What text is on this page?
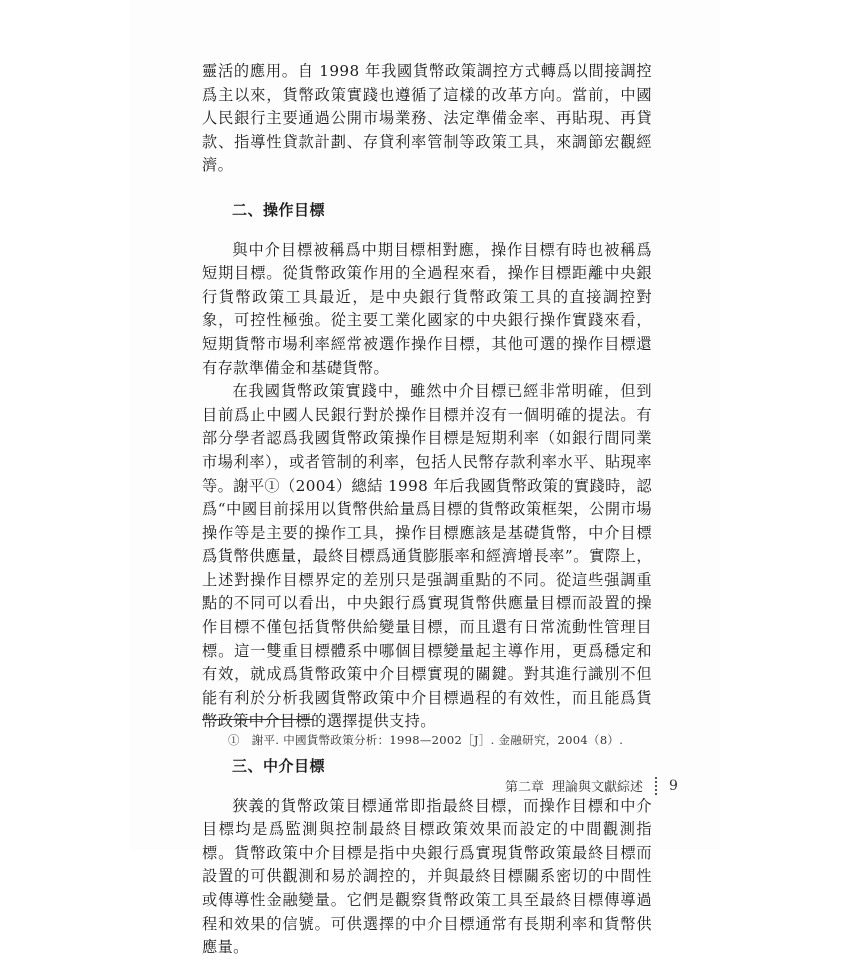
靈活的應用。自 1998 年我國貨幣政策調控方式轉爲以間接調控爲主以來，貨幣政策實踐也遵循了這樣的改革方向。當前，中國人民銀行主要通過公開市場業務、法定準備金率、再貼現、再貸款、指導性貸款計劃、存貸利率管制等政策工具，來調節宏觀經濟。

二、操作目標

與中介目標被稱爲中期目標相對應，操作目標有時也被稱爲短期目標。從貨幣政策作用的全過程來看，操作目標距離中央銀行貨幣政策工具最近，是中央銀行貨幣政策工具的直接調控對象，可控性極強。從主要工業化國家的中央銀行操作實踐來看，短期貨幣市場利率經常被選作操作目標，其他可選的操作目標還有存款準備金和基礎貨幣。

在我國貨幣政策實踐中，雖然中介目標已經非常明確，但到目前爲止中國人民銀行對於操作目標并沒有一個明確的提法。有部分學者認爲我國貨幣政策操作目標是短期利率（如銀行間同業市場利率），或者管制的利率，包括人民幣存款利率水平、貼現率等。謝平①（2004）總結 1998 年后我國貨幣政策的實踐時，認爲“中國目前採用以貨幣供給量爲目標的貨幣政策框架，公開市場操作等是主要的操作工具，操作目標應該是基礎貨幣，中介目標爲貨幣供應量，最終目標爲通貨膨脹率和經濟增長率”。實際上，上述對操作目標界定的差別只是强調重點的不同。從這些强調重點的不同可以看出，中央銀行爲實現貨幣供應量目標而設置的操作目標不僅包括貨幣供給變量目標，而且還有日常流動性管理目標。這一雙重目標體系中哪個目標變量起主導作用，更爲穩定和有效，就成爲貨幣政策中介目標實現的關鍵。對其進行識別不但能有利於分析我國貨幣政策中介目標過程的有效性，而且能爲貨幣政策中介目標的選擇提供支持。

三、中介目標

狹義的貨幣政策目標通常即指最終目標，而操作目標和中介目標均是爲監測與控制最終目標政策效果而設定的中間觀測指標。貨幣政策中介目標是指中央銀行爲實現貨幣政策最終目標而設置的可供觀測和易於調控的，并與最終目標關系密切的中間性或傳導性金融變量。它們是觀察貨幣政策工具至最終目標傳導過程和效果的信號。可供選擇的中介目標通常有長期利率和貨幣供應量。

① 謝平. 中國貨幣政策分析：1998—2002［J］. 金融研究，2004（8）.
第二章 理論與文獻綜述 9
